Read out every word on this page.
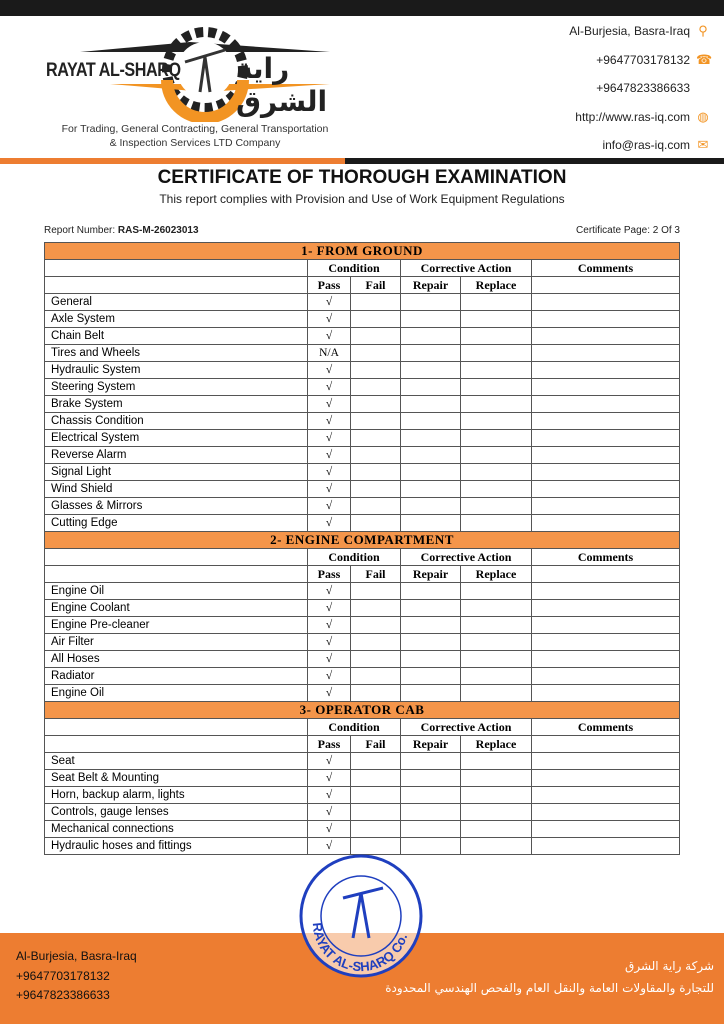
RAYAT AL-SHARQ راية الشرق
For Trading, General Contracting, General Transportation
& Inspection Services LTD Company
Al-Burjesia, Basra-Iraq ⚲
+9647703178132 ☎
+9647823386633
http://www.ras-iq.com ◍
info@ras-iq.com ✉
CERTIFICATE OF THOROUGH EXAMINATION
This report complies with Provision and Use of Work Equipment Regulations
Report Number: RAS-M-26023013	Certificate Page: 2 Of 3
1- FROM GROUND					
	Condition		Corrective Action		Comments
	Pass	Fail	Repair	Replace	
General	√				
Axle System	√				
Chain Belt	√				
Tires and Wheels	N/A				
Hydraulic System	√				
Steering System	√				
Brake System	√				
Chassis Condition	√				
Electrical System	√				
Reverse Alarm	√				
Signal Light	√				
Wind Shield	√				
Glasses & Mirrors	√				
Cutting Edge	√				
2- ENGINE COMPARTMENT					
	Condition		Corrective Action		Comments
	Pass	Fail	Repair	Replace	
Engine Oil	√				
Engine Coolant	√				
Engine Pre-cleaner	√				
Air Filter	√				
All Hoses	√				
Radiator	√				
Engine Oil	√				
3- OPERATOR CAB					
	Condition		Corrective Action		Comments
	Pass	Fail	Repair	Replace	
Seat	√				
Seat Belt & Mounting	√				
Horn, backup alarm, lights	√				
Controls, gauge lenses	√				
Mechanical connections	√				
Hydraulic hoses and fittings	√				
Al-Burjesia, Basra-Iraq
+9647703178132
+9647823386633
شركة راية الشرق
للتجارة والمقاولات العامة والنقل العام والفحص الهندسي المحدودة
RAYAT AL-SHARQ Co.
